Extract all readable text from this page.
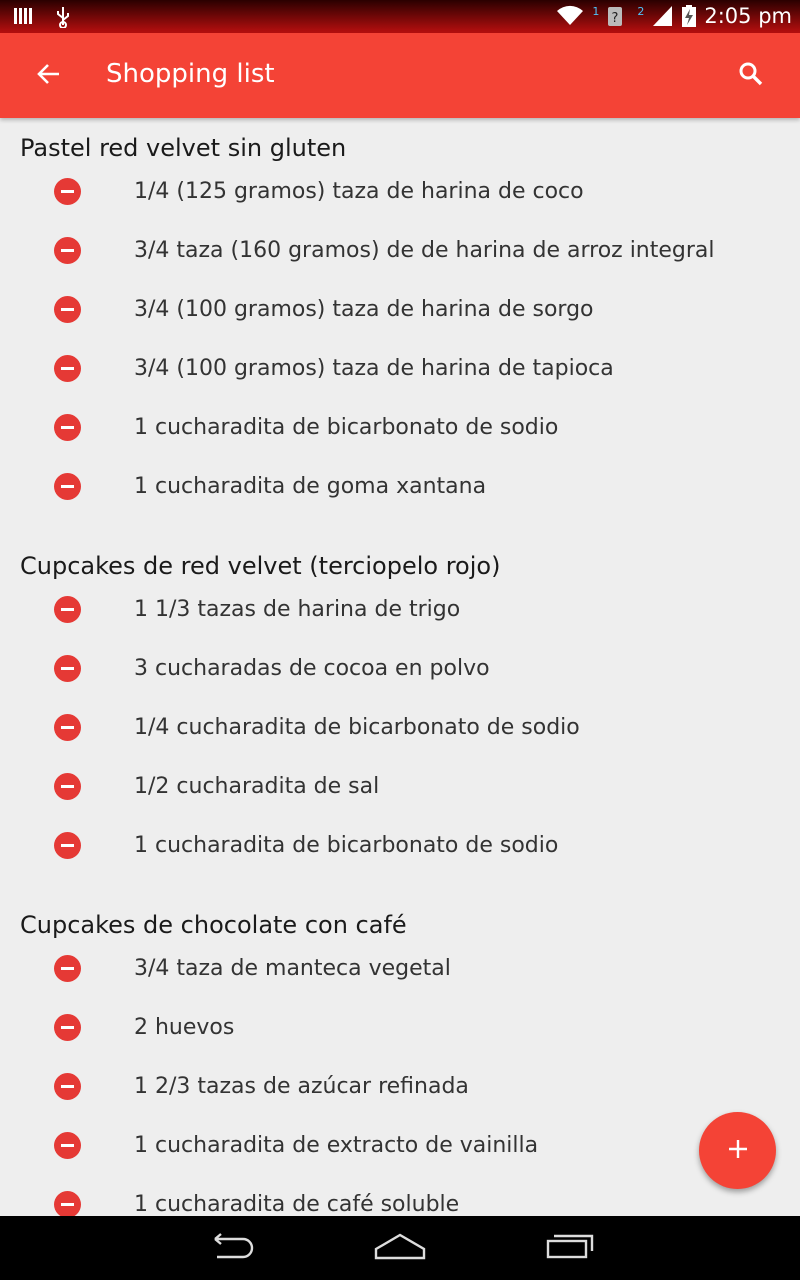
1 ? 2	2:05 pm
Shopping list
Pastel red velvet sin gluten
1/4 (125 gramos) taza de harina de coco
3/4 taza (160 gramos) de de harina de arroz integral
3/4 (100 gramos) taza de harina de sorgo
3/4 (100 gramos) taza de harina de tapioca
1 cucharadita de bicarbonato de sodio
1 cucharadita de goma xantana
Cupcakes de red velvet (terciopelo rojo)
1 1/3 tazas de harina de trigo
3 cucharadas de cocoa en polvo
1/4 cucharadita de bicarbonato de sodio
1/2 cucharadita de sal
1 cucharadita de bicarbonato de sodio
Cupcakes de chocolate con café
3/4 taza de manteca vegetal
2 huevos
1 2/3 tazas de azúcar refinada
1 cucharadita de extracto de vainilla
1 cucharadita de café soluble
